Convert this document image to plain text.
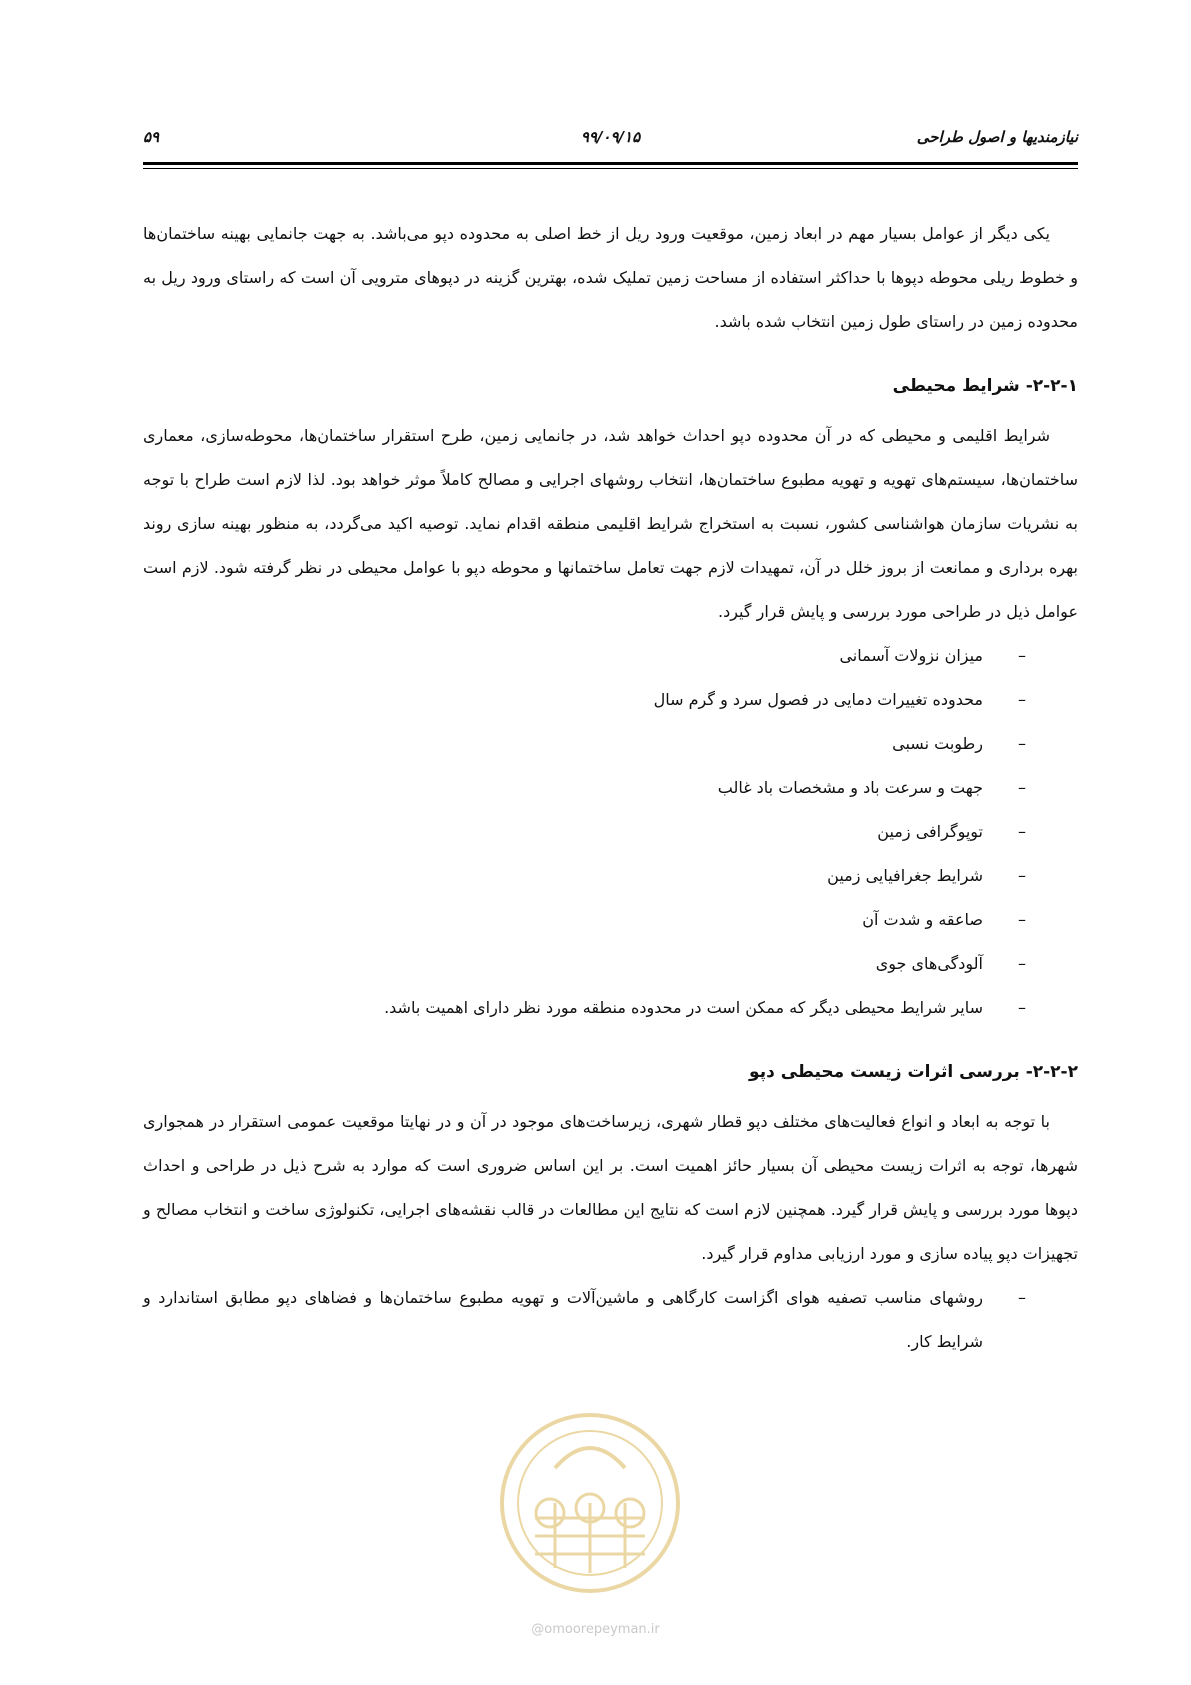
نیازمندیها و اصول طراحی
۹۹/۰۹/۱۵
۵۹

یکی دیگر از عوامل بسیار مهم در ابعاد زمین، موقعیت ورود ریل از خط اصلی به محدوده دپو می‌باشد. به جهت جانمایی بهینه ساختمان‌ها و خطوط ریلی محوطه دپوها با حداکثر استفاده از مساحت زمین تملیک شده، بهترین گزینه در دپوهای مترویی آن است که راستای ورود ریل به محدوده زمین در راستای طول زمین انتخاب شده باشد.

۲-۲-۱- شرایط محیطی

شرایط اقلیمی و محیطی که در آن محدوده دپو احداث خواهد شد، در جانمایی زمین، طرح استقرار ساختمان‌ها، محوطه‌سازی، معماری ساختمان‌ها، سیستم‌های تهویه و تهویه مطبوع ساختمان‌ها، انتخاب روشهای اجرایی و مصالح کاملاً موثر خواهد بود. لذا لازم است طراح با توجه به نشریات سازمان هواشناسی کشور، نسبت به استخراج شرایط اقلیمی منطقه اقدام نماید. توصیه اکید می‌گردد، به منظور بهینه سازی روند بهره برداری و ممانعت از بروز خلل در آن، تمهیدات لازم جهت تعامل ساختمانها و محوطه دپو با عوامل محیطی در نظر گرفته شود. لازم است عوامل ذیل در طراحی مورد بررسی و پایش قرار گیرد.

–
میزان نزولات آسمانی
–
محدوده تغییرات دمایی در فصول سرد و گرم سال
–
رطوبت نسبی
–
جهت و سرعت باد و مشخصات باد غالب
–
توپوگرافی زمین
–
شرایط جغرافیایی زمین
–
صاعقه و شدت آن
–
آلودگی‌های جوی
–
سایر شرایط محیطی دیگر که ممکن است در محدوده منطقه مورد نظر دارای اهمیت باشد.
۲-۲-۲- بررسی اثرات زیست محیطی دپو

با توجه به ابعاد و انواع فعالیت‌های مختلف دپو قطار شهری، زیرساخت‌های موجود در آن و در نهایتا موقعیت عمومی استقرار در همجواری شهرها، توجه به اثرات زیست محیطی آن بسیار حائز اهمیت است. بر این اساس ضروری است که موارد به شرح ذیل در طراحی و احداث دپوها مورد بررسی و پایش قرار گیرد. همچنین لازم است که نتایج این مطالعات در قالب نقشه‌های اجرایی، تکنولوژی ساخت و انتخاب مصالح و تجهیزات دپو پیاده سازی و مورد ارزیابی مداوم قرار گیرد.

–
روشهای مناسب تصفیه هوای اگزاست کارگاهی و ماشین‌آلات و تهویه مطبوع ساختمان‌ها و فضاهای دپو مطابق استاندارد و شرایط کار.
@omoorepeyman.ir
